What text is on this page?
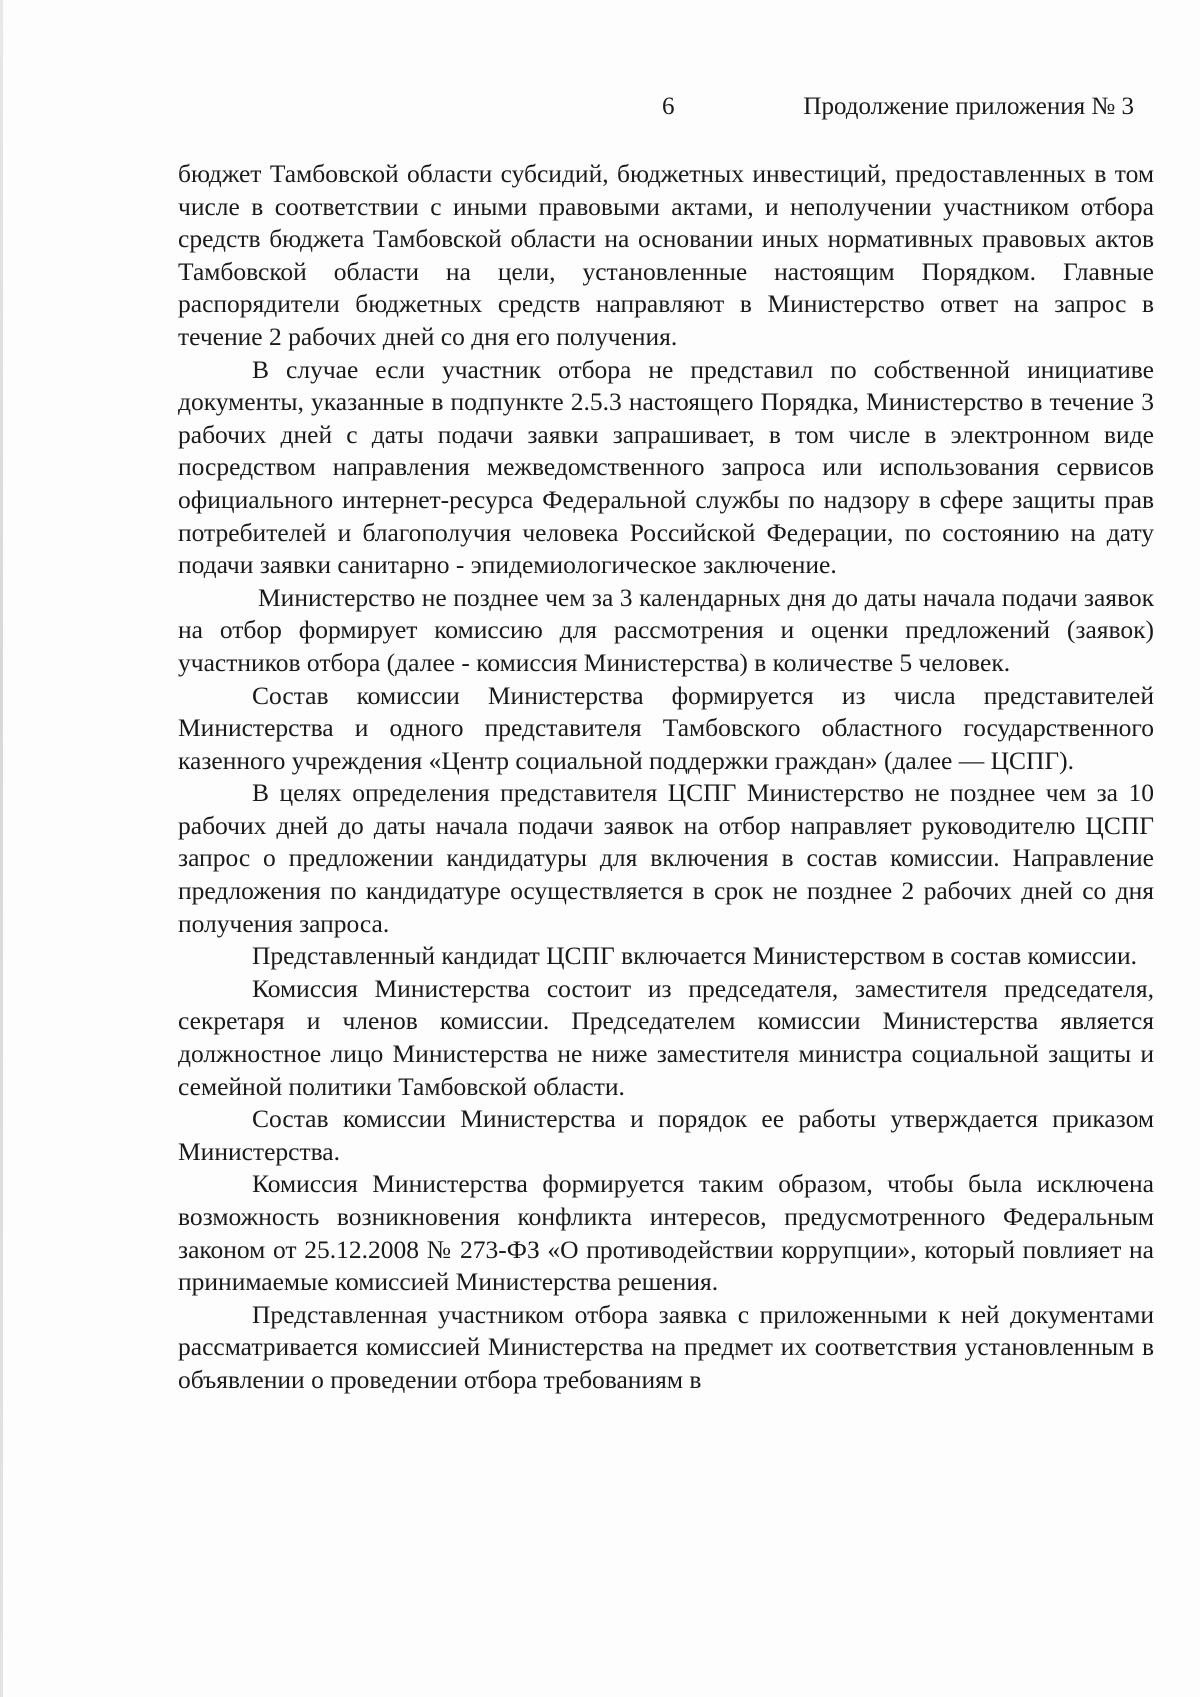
6	Продолжение приложения № 3

бюджет Тамбовской области субсидий, бюджетных инвестиций, предоставленных в том числе в соответствии с иными правовыми актами, и неполучении участником отбора средств бюджета Тамбовской области на основании иных нормативных правовых актов Тамбовской области на цели, установленные настоящим Порядком. Главные распорядители бюджетных средств направляют в Министерство ответ на запрос в течение 2 рабочих дней со дня его получения.

В случае если участник отбора не представил по собственной инициативе документы, указанные в подпункте 2.5.3 настоящего Порядка, Министерство в течение 3 рабочих дней с даты подачи заявки запрашивает, в том числе в электронном виде посредством направления межведомственного запроса или использования сервисов официального интернет-ресурса Федеральной службы по надзору в сфере защиты прав потребителей и благополучия человека Российской Федерации, по состоянию на дату подачи заявки санитарно - эпидемиологическое заключение.

Министерство не позднее чем за 3 календарных дня до даты начала подачи заявок на отбор формирует комиссию для рассмотрения и оценки предложений (заявок) участников отбора (далее - комиссия Министерства) в количестве 5 человек.

Состав комиссии Министерства формируется из числа представителей Министерства и одного представителя Тамбовского областного государственного казенного учреждения «Центр социальной поддержки граждан» (далее — ЦСПГ).

В целях определения представителя ЦСПГ Министерство не позднее чем за 10 рабочих дней до даты начала подачи заявок на отбор направляет руководителю ЦСПГ запрос о предложении кандидатуры для включения в состав комиссии. Направление предложения по кандидатуре осуществляется в срок не позднее 2 рабочих дней со дня получения запроса.

Представленный кандидат ЦСПГ включается Министерством в состав комиссии.

Комиссия Министерства состоит из председателя, заместителя председателя, секретаря и членов комиссии. Председателем комиссии Министерства является должностное лицо Министерства не ниже заместителя министра социальной защиты и семейной политики Тамбовской области.

Состав комиссии Министерства и порядок ее работы утверждается приказом Министерства.

Комиссия Министерства формируется таким образом, чтобы была исключена возможность возникновения конфликта интересов, предусмотренного Федеральным законом от 25.12.2008 № 273-ФЗ «О противодействии коррупции», который повлияет на принимаемые комиссией Министерства решения.

Представленная участником отбора заявка с приложенными к ней документами рассматривается комиссией Министерства на предмет их соответствия установленным в объявлении о проведении отбора требованиям в
